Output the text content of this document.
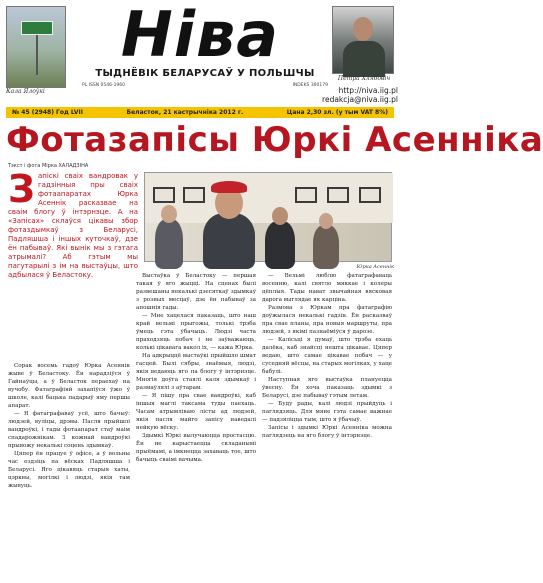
Кала Ялоўкі
Ніва
ТЫДНЁВІК БЕЛАРУСАЎ У ПОЛЬШЧЫ
PL ISSN 0546-1960	INDEKS 300179
Пётра Хлябовіч
http://niva.iig.pl
redakcja@niva.iig.pl
№ 45 (2948) Год LVII	Беласток, 21 кастрычніка 2012 г.	Цана 2,30 зл. (у тым VAT 8%)
Фотазапісы Юркі Асенніка
Тэкст і фота Мірка ХАЛАДЗІНА
Запіскі сваіх вандровак у гадзінныя пры сваіх фотаапаратах Юрка Асеннік расказвае на сваім блогу ў інтэрнэце. А на «Запісах» склаўся цікавы збор фотаздымкаў з Беларусі, Падляшша і іншых куточкаў, дзе ён пабываў. Які вынік мы з гэтага атрымалі? Аб гэтым мы пагутарылі з ім на выстаўцы, што адбылася ў Беластоку.
Юрка Асеннік

Сорак восемь гадоў Юрка Асеннік жыве ў Беластоку. Ён нарадзіўся ў Гайнаўцы, а ў Беласток пераехаў на вучобу. Фатаграфіяй захапіўся ўжо ў школе, калі бацька падарыў яму першы апарат.

— Я фатаграфаваў усё, што бачыў: людзей, вуліцы, дрэвы. Пасля прыйшлі вандроўкі, і тады фотаапарат стаў маім спадарожнікам. З кожнай вандроўкі прывожу некалькі соцень здымкаў.

Цяпер ён працуе ў офісе, а ў вольны час ездзіць па вёсках Падляшша і Беларусі. Яго цікавяць старыя хаты, цэрквы, могілкі і людзі, якія там жывуць.

Выстаўка ў Беластоку — першая такая ў яго жыцці. На сценах былі развешаны некалькі дзесяткаў здымкаў з розных месцаў, дзе ён пабываў за апошнія гады.

— Мне хацелася паказаць, што наш край вельмі прыгожы, толькі трэба ўмець гэта ўбачыць. Людзі часта праходзяць побач і не заўважаюць, колькі цікавага вакол іх, — кажа Юрка.

На адкрыццё выстаўкі прыйшло шмат гасцей. Былі сябры, знаёмыя, людзі, якія ведаюць яго па блогу ў інтэрнэце. Многія доўга стаялі каля здымкаў і размаўлялі з аўтарам.

— Я пішу пра свае вандроўкі, каб іншыя маглі таксама туды паехаць. Часам атрымліваю лісты ад людзей, якія пасля майго запісу наведалі нейкую вёску.

Здымкі Юркі вылучаюцца простасцю. Ён не карыстаецца складанымі прыёмамі, а імкнецца захаваць тое, што бачыць сваімі вачыма.

— Вельмі люблю фатаграфаваць восенню, калі святло мяккае і колеры цёплыя. Тады нават звычайная вясковая дарога выглядае як карціна.

Размова з Юркам пра фатаграфію доўжылася некалькі гадзін. Ён расказваў пра свае планы, пра новыя маршруты, пра людзей, з якімі пазнаёміўся ў дарозе.

— Калісьці я думаў, што трэба ехаць далёка, каб знайсці нешта цікавае. Цяпер ведаю, што самае цікавае побач — у суседняй вёсцы, на старых могілках, у хаце бабулі.

Наступная яго выстаўка плануецца ўвесну. Ён хоча паказаць здымкі з Беларусі, дзе пабываў гэтым летам.

— Буду рады, калі людзі прыйдуць і паглядзяць. Для мяне гэта самае важнае — падзяліцца тым, што я ўбачыў.

Запісы і здымкі Юркі Асенніка можна паглядзець на яго блогу ў інтэрнэце.
